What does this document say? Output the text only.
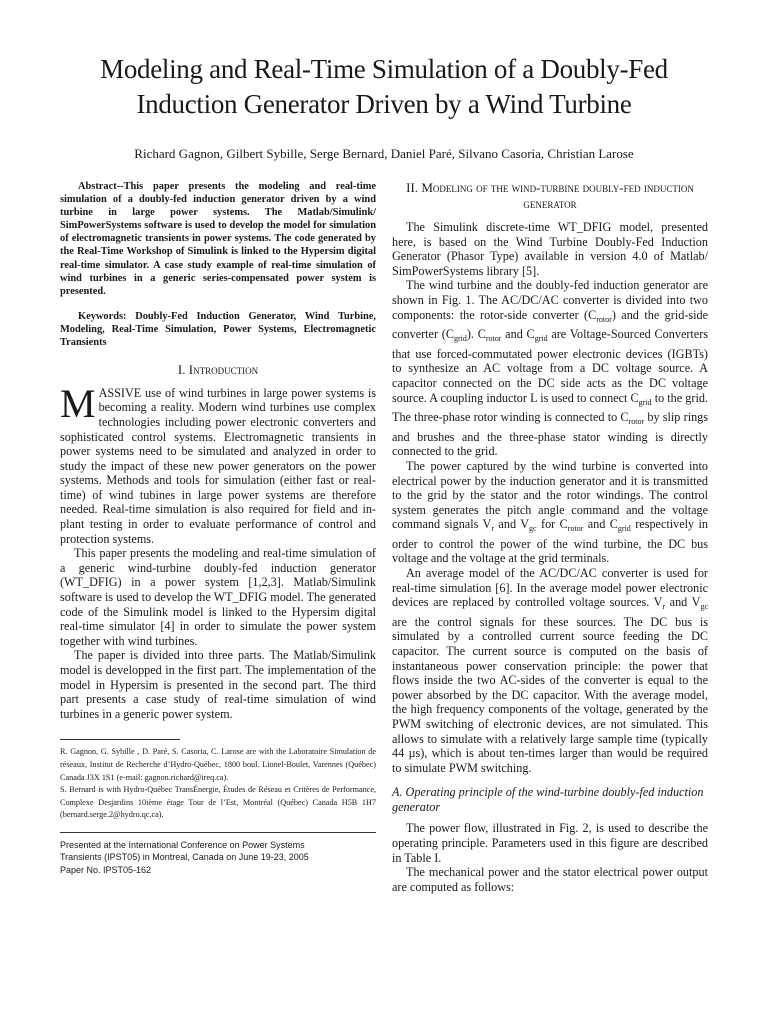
Modeling and Real-Time Simulation of a Doubly-Fed
Induction Generator Driven by a Wind Turbine

Richard Gagnon, Gilbert Sybille, Serge Bernard, Daniel Paré, Silvano Casoria, Christian Larose

Abstract--This paper presents the modeling and real-time simulation of a doubly-fed induction generator driven by a wind turbine in large power systems. The Matlab/Simulink/ SimPowerSystems software is used to develop the model for simulation of electromagnetic transients in power systems. The code generated by the Real-Time Workshop of Simulink is linked to the Hypersim digital real-time simulator. A case study example of real-time simulation of wind turbines in a generic series-compensated power system is presented.

Keywords: Doubly-Fed Induction Generator, Wind Turbine, Modeling, Real-Time Simulation, Power Systems, Electromagnetic Transients

I. Introduction

MASSIVE use of wind turbines in large power systems is becoming a reality. Modern wind turbines use complex technologies including power electronic converters and sophisticated control systems. Electromagnetic transients in power systems need to be simulated and analyzed in order to study the impact of these new power generators on the power systems. Methods and tools for simulation (either fast or real-time) of wind tubines in large power systems are therefore needed. Real-time simulation is also required for field and in-plant testing in order to evaluate performance of control and protection systems.

This paper presents the modeling and real-time simulation of a generic wind-turbine doubly-fed induction generator (WT_DFIG) in a power system [1,2,3]. Matlab/Simulink software is used to develop the WT_DFIG model. The generated code of the Simulink model is linked to the Hypersim digital real-time simulator [4] in order to simulate the power system together with wind turbines.

The paper is divided into three parts. The Matlab/Simulink model is developped in the first part. The implementation of the model in Hypersim is presented in the second part. The third part presents a case study of real-time simulation of wind turbines in a generic power system.

R. Gagnon, G. Sybille , D. Paré, S. Casoria, C. Larose are with the Laboratoire Simulation de réseaux, Institut de Recherche d’Hydro-Québec, 1800 boul. Lionel-Boulet, Varennes (Québec) Canada J3X 1S1 (e-mail: gagnon.richard@ireq.ca).

S. Bernard is with Hydro-Québec TransÉnergie, Études de Réseau et Critères de Performance, Complexe Desjardins 10ième étage Tour de l’Est, Montréal (Québec) Canada H5B 1H7 (bernard.serge.2@hydro.qc.ca).

Presented at the International Conference on Power Systems
Transients (IPST05) in Montreal, Canada on June 19-23, 2005
Paper No. IPST05-162

II. Modeling of the wind-turbine doubly-fed induction
generator

The Simulink discrete-time WT_DFIG model, presented here, is based on the Wind Turbine Doubly-Fed Induction Generator (Phasor Type) available in version 4.0 of Matlab/ SimPowerSystems library [5].

The wind turbine and the doubly-fed induction generator are shown in Fig. 1. The AC/DC/AC converter is divided into two components: the rotor-side converter $(C_{rotor})$ and the grid-side converter $(C_{grid})$. $C_{rotor}$ and $C_{grid}$ are Voltage-Sourced Converters that use forced-commutated power electronic devices (IGBTs) to synthesize an AC voltage from a DC voltage source. A capacitor connected on the DC side acts as the DC voltage source. A coupling inductor L is used to connect $C_{grid}$ to the grid. The three-phase rotor winding is connected to $C_{rotor}$ by slip rings and brushes and the three-phase stator winding is directly connected to the grid.

The power captured by the wind turbine is converted into electrical power by the induction generator and it is transmitted to the grid by the stator and the rotor windings. The control system generates the pitch angle command and the voltage command signals $V_r$ and $V_{gc}$ for $C_{rotor}$ and $C_{grid}$ respectively in order to control the power of the wind turbine, the DC bus voltage and the voltage at the grid terminals.

An average model of the AC/DC/AC converter is used for real-time simulation [6]. In the average model power electronic devices are replaced by controlled voltage sources. $V_r$ and $V_{gc}$ are the control signals for these sources. The DC bus is simulated by a controlled current source feeding the DC capacitor. The current source is computed on the basis of instantaneous power conservation principle: the power that flows inside the two AC-sides of the converter is equal to the power absorbed by the DC capacitor. With the average model, the high frequency components of the voltage, generated by the PWM switching of electronic devices, are not simulated. This allows to simulate with a relatively large sample time (typically 44 µs), which is about ten-times larger than would be required to simulate PWM switching.

A. Operating principle of the wind-turbine doubly-fed induction generator

The power flow, illustrated in Fig. 2, is used to describe the operating principle. Parameters used in this figure are described in Table I.

The mechanical power and the stator electrical power output are computed as follows:
